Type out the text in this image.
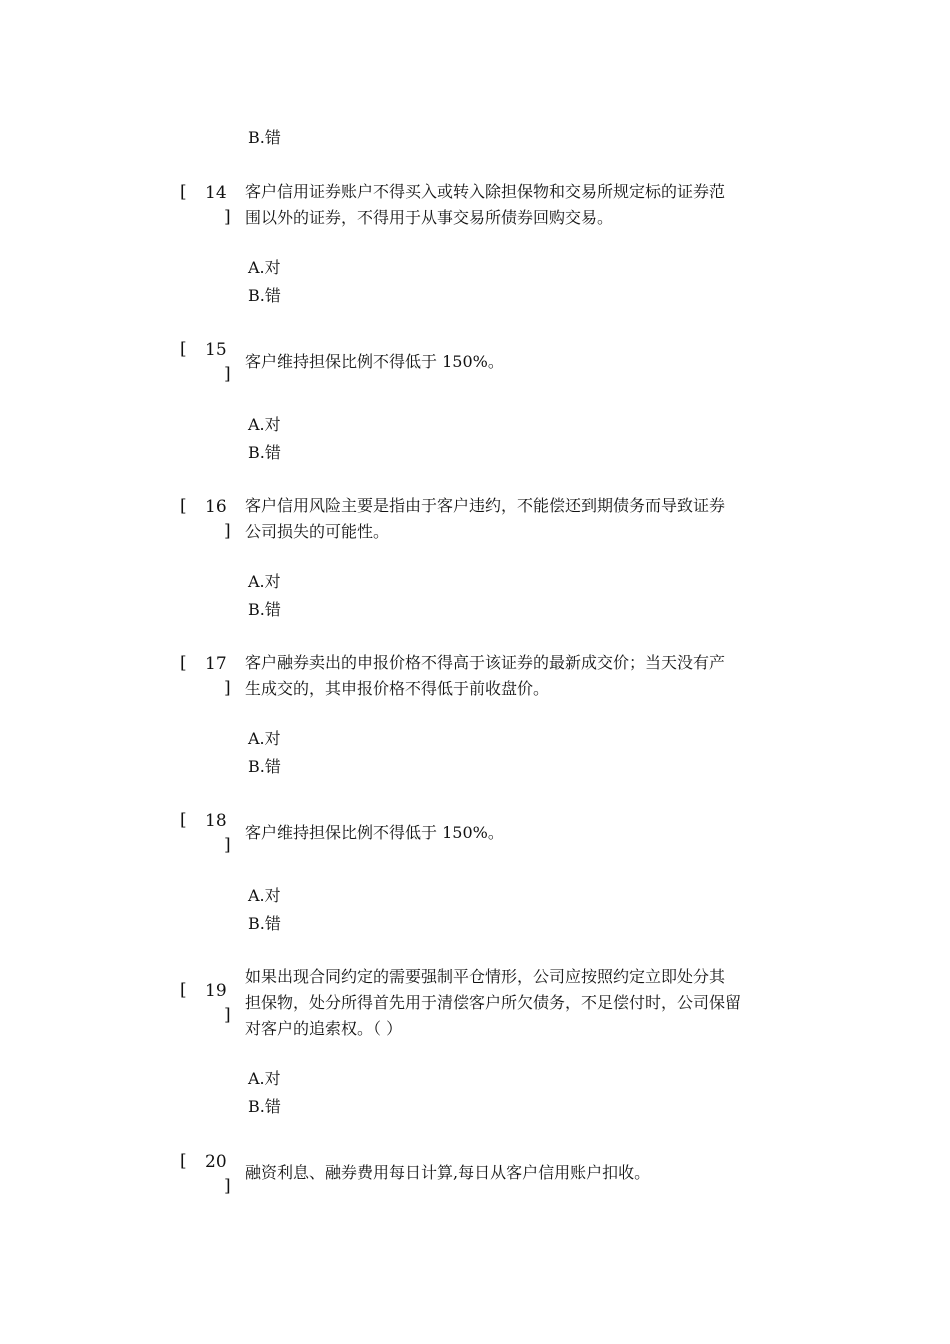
B.错
[ 14
]
客户信用证券账户不得买入或转入除担保物和交易所规定标的证券范
围以外的证券，不得用于从事交易所债券回购交易。
A.对
B.错
[ 15
]
客户维持担保比例不得低于 150%。
A.对
B.错
[ 16
]
客户信用风险主要是指由于客户违约，不能偿还到期债务而导致证券
公司损失的可能性。
A.对
B.错
[ 17
]
客户融券卖出的申报价格不得高于该证券的最新成交价；当天没有产
生成交的，其申报价格不得低于前收盘价。
A.对
B.错
[ 18
]
客户维持担保比例不得低于 150%。
A.对
B.错
[ 19
]
如果出现合同约定的需要强制平仓情形，公司应按照约定立即处分其
担保物，处分所得首先用于清偿客户所欠债务，不足偿付时，公司保留
对客户的追索权。（ ）
A.对
B.错
[ 20
]
融资利息、融券费用每日计算,每日从客户信用账户扣收。
